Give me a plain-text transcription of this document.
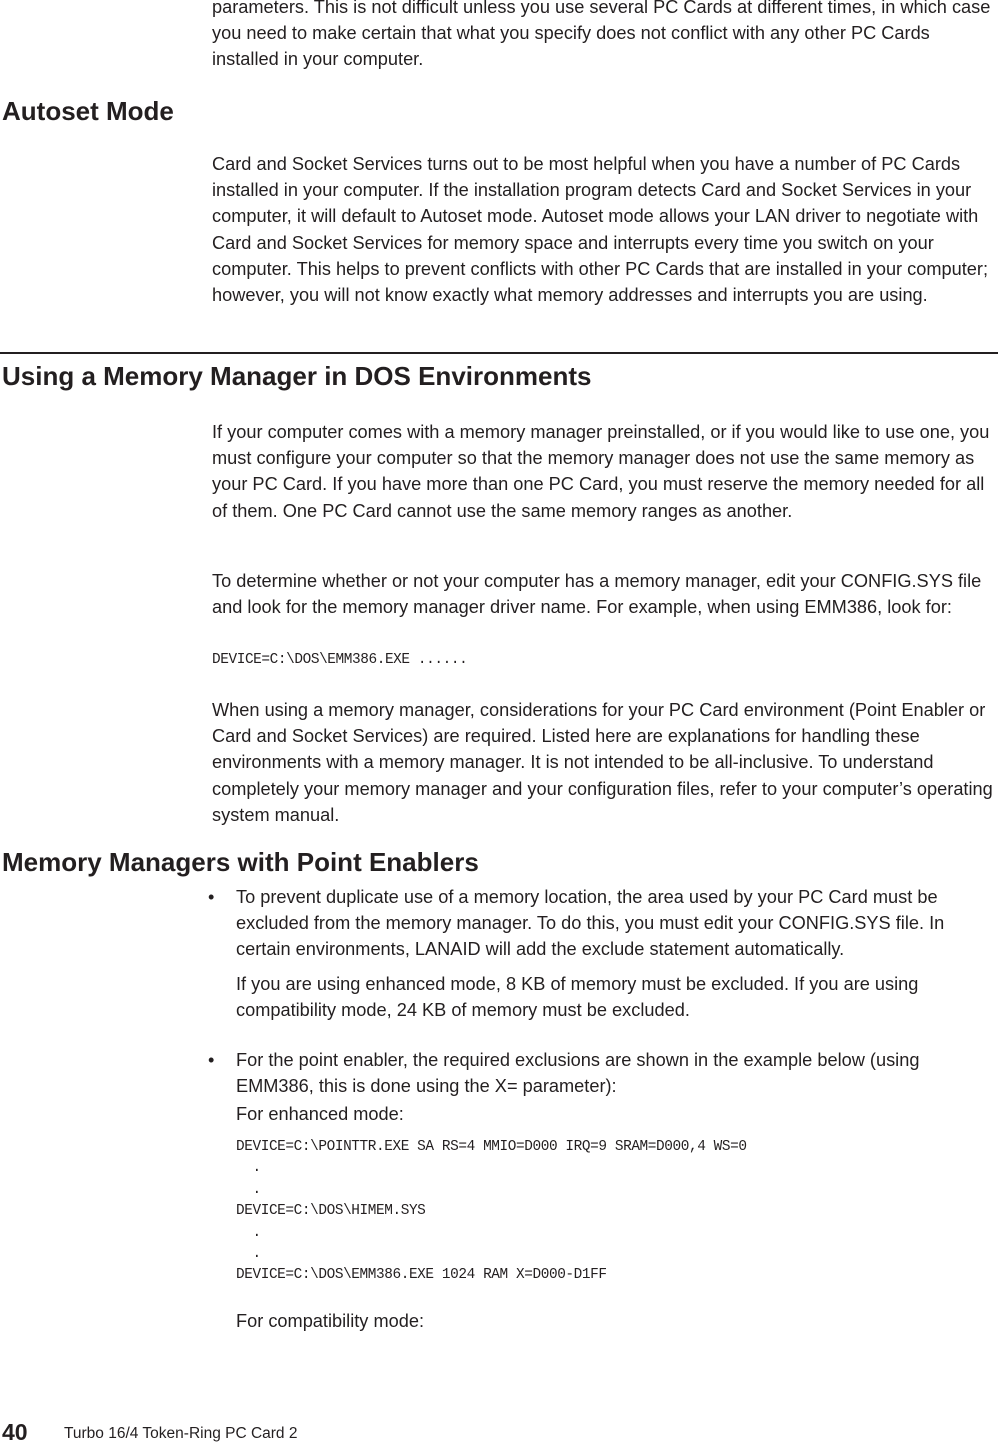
parameters. This is not difficult unless you use several PC Cards at different times, in which case you need to make certain that what you specify does not conflict with any other PC Cards installed in your computer.

Autoset Mode

Card and Socket Services turns out to be most helpful when you have a number of PC Cards installed in your computer. If the installation program detects Card and Socket Services in your computer, it will default to Autoset mode. Autoset mode allows your LAN driver to negotiate with Card and Socket Services for memory space and interrupts every time you switch on your computer. This helps to prevent conflicts with other PC Cards that are installed in your computer; however, you will not know exactly what memory addresses and interrupts you are using.

Using a Memory Manager in DOS Environments

If your computer comes with a memory manager preinstalled, or if you would like to use one, you must configure your computer so that the memory manager does not use the same memory as your PC Card. If you have more than one PC Card, you must reserve the memory needed for all of them. One PC Card cannot use the same memory ranges as another.

To determine whether or not your computer has a memory manager, edit your CONFIG.SYS file and look for the memory manager driver name. For example, when using EMM386, look for:

DEVICE=C:\DOS\EMM386.EXE ......

When using a memory manager, considerations for your PC Card environment (Point Enabler or Card and Socket Services) are required. Listed here are explanations for handling these environments with a memory manager. It is not intended to be all-inclusive. To understand completely your memory manager and your configuration files, refer to your computer’s operating system manual.

Memory Managers with Point Enablers
•	To prevent duplicate use of a memory location, the area used by your PC Card must be excluded from the memory manager. To do this, you must edit your CONFIG.SYS file. In certain environments, LANAID will add the exclude statement automatically.
If you are using enhanced mode, 8 KB of memory must be excluded. If you are using compatibility mode, 24 KB of memory must be excluded.
•	For the point enabler, the required exclusions are shown in the example below (using EMM386, this is done using the X= parameter):

For enhanced mode:

DEVICE=C:\POINTTR.EXE SA RS=4 MMIO=D000 IRQ=9 SRAM=D000,4 WS=0
.
.
DEVICE=C:\DOS\HIMEM.SYS
.
.
DEVICE=C:\DOS\EMM386.EXE 1024 RAM X=D000-D1FF

For compatibility mode:

40 Turbo 16/4 Token-Ring PC Card 2
